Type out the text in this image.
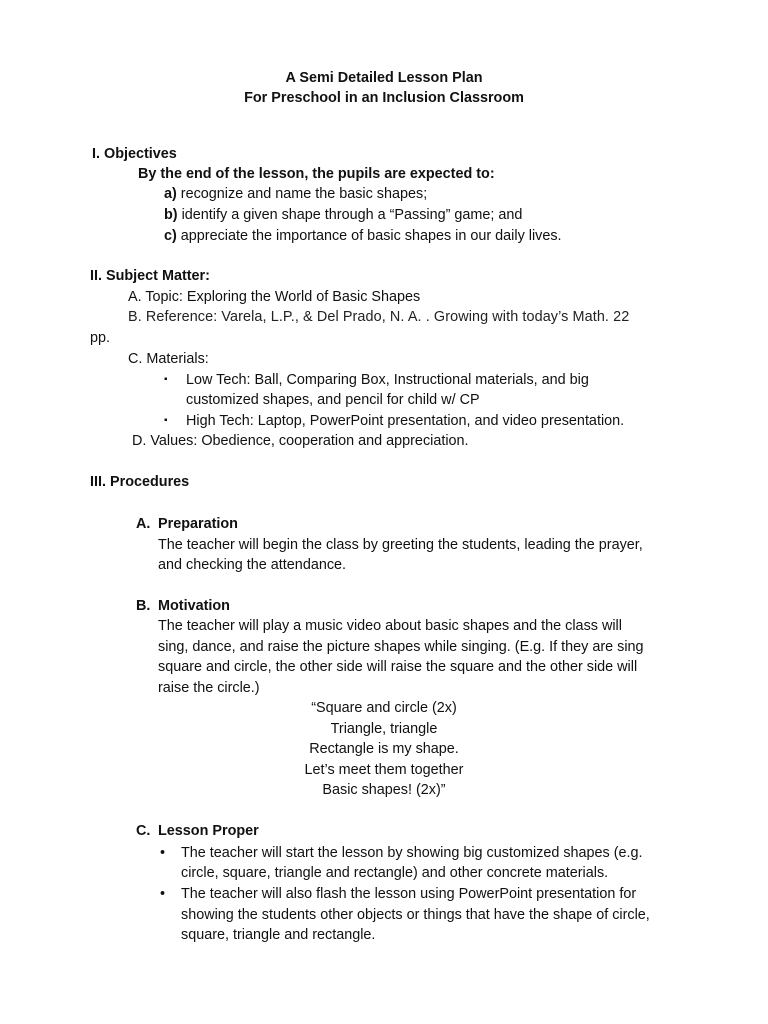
A Semi Detailed Lesson Plan
For Preschool in an Inclusion Classroom
I. Objectives
By the end of the lesson, the pupils are expected to:
a) recognize and name the basic shapes;
b) identify a given shape through a “Passing” game; and
c) appreciate the importance of basic shapes in our daily lives.
II. Subject Matter:
A. Topic: Exploring the World of Basic Shapes
B. Reference: Varela, L.P., & Del Prado, N. A. . Growing with today’s Math. 22
pp.
C. Materials:
▪ Low Tech: Ball, Comparing Box, Instructional materials, and big
customized shapes, and pencil for child w/ CP
▪ High Tech: Laptop, PowerPoint presentation, and video presentation.
D. Values: Obedience, cooperation and appreciation.
III. Procedures
A. Preparation
The teacher will begin the class by greeting the students, leading the prayer,
and checking the attendance.
B. Motivation
The teacher will play a music video about basic shapes and the class will
sing, dance, and raise the picture shapes while singing. (E.g. If they are sing
square and circle, the other side will raise the square and the other side will
raise the circle.)
“Square and circle (2x)
Triangle, triangle
Rectangle is my shape.
Let’s meet them together
Basic shapes! (2x)”
C. Lesson Proper
• The teacher will start the lesson by showing big customized shapes (e.g.
circle, square, triangle and rectangle) and other concrete materials.
• The teacher will also flash the lesson using PowerPoint presentation for
showing the students other objects or things that have the shape of circle,
square, triangle and rectangle.
